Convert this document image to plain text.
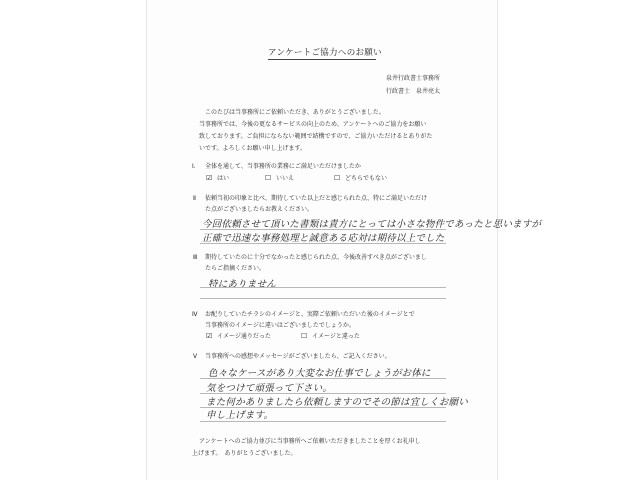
アンケートご協力へのお願い
泉井行政書士事務所
行政書士　泉井亮太
このたびは当事務所にご依頼いただき、ありがとうございました。
当事務所では、今後の更なるサービスの向上のため、アンケートへのご協力をお願い
致しております。ご負担にならない範囲で結構ですので、ご協力いただけるとありがた
いです。よろしくお願い申し上げます。
Ⅰ． 全体を通して、当事務所の業務にご満足いただけましたか
☑ はい	☐ いいえ	☐ どちらでもない
Ⅱ 依頼当初の印象と比べ、期待していた以上だと感じられた点、特にご満足いただけ
た点がございましたらお教えください。
今回依頼させて頂いた書類は責方にとっては小さな物件であったと思いますが
正確で迅速な事務処理と誠意ある応対は期待以上でした
Ⅲ 期待していたのに十分でなかったと感じられた点、今後改善すべき点がございまし
たらご指摘ください。
特にありません
Ⅳ お配りしていたチラシのイメージと、実際ご依頼いただいた後のイメージとで
当事務所のイメージに違いはございましたでしょうか。
☑ イメージ通りだった	☐ イメージと違った
Ⅴ 当事務所への感想やメッセージがございましたら、ご記入ください。
色々なケースがあり大変なお仕事でしょうがお体に
気をつけて頑張って下さい。
また何かありましたら依頼しますのでその節は宜しくお願い
申し上げます。
アンケートへのご協力並びに当事務所へご依頼いただきましたことを厚くお礼申し
上げます。　ありがとうございました。
